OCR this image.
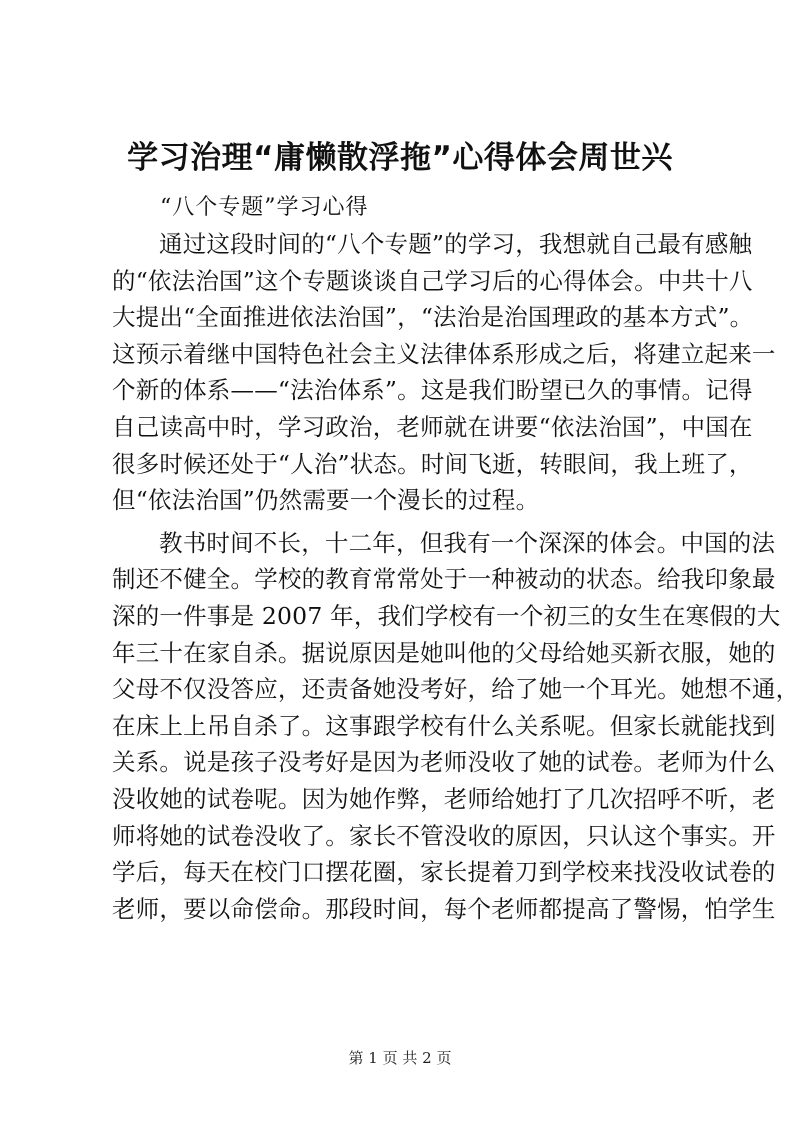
学习治理“庸懒散浮拖”心得体会周世兴
“八个专题”学习心得
通过这段时间的“八个专题”的学习，我想就自己最有感触
的“依法治国”这个专题谈谈自己学习后的心得体会。中共十八
大提出“全面推进依法治国”，“法治是治国理政的基本方式”。
这预示着继中国特色社会主义法律体系形成之后，将建立起来一
个新的体系——“法治体系”。这是我们盼望已久的事情。记得
自己读高中时，学习政治，老师就在讲要“依法治国”，中国在
很多时候还处于“人治”状态。时间飞逝，转眼间，我上班了，
但“依法治国”仍然需要一个漫长的过程。
教书时间不长，十二年，但我有一个深深的体会。中国的法
制还不健全。学校的教育常常处于一种被动的状态。给我印象最
深的一件事是 2007 年，我们学校有一个初三的女生在寒假的大
年三十在家自杀。据说原因是她叫他的父母给她买新衣服，她的
父母不仅没答应，还责备她没考好，给了她一个耳光。她想不通，
在床上上吊自杀了。这事跟学校有什么关系呢。但家长就能找到
关系。说是孩子没考好是因为老师没收了她的试卷。老师为什么
没收她的试卷呢。因为她作弊，老师给她打了几次招呼不听，老
师将她的试卷没收了。家长不管没收的原因，只认这个事实。开
学后，每天在校门口摆花圈，家长提着刀到学校来找没收试卷的
老师，要以命偿命。那段时间，每个老师都提高了警惕，怕学生
第 1 页 共 2 页
